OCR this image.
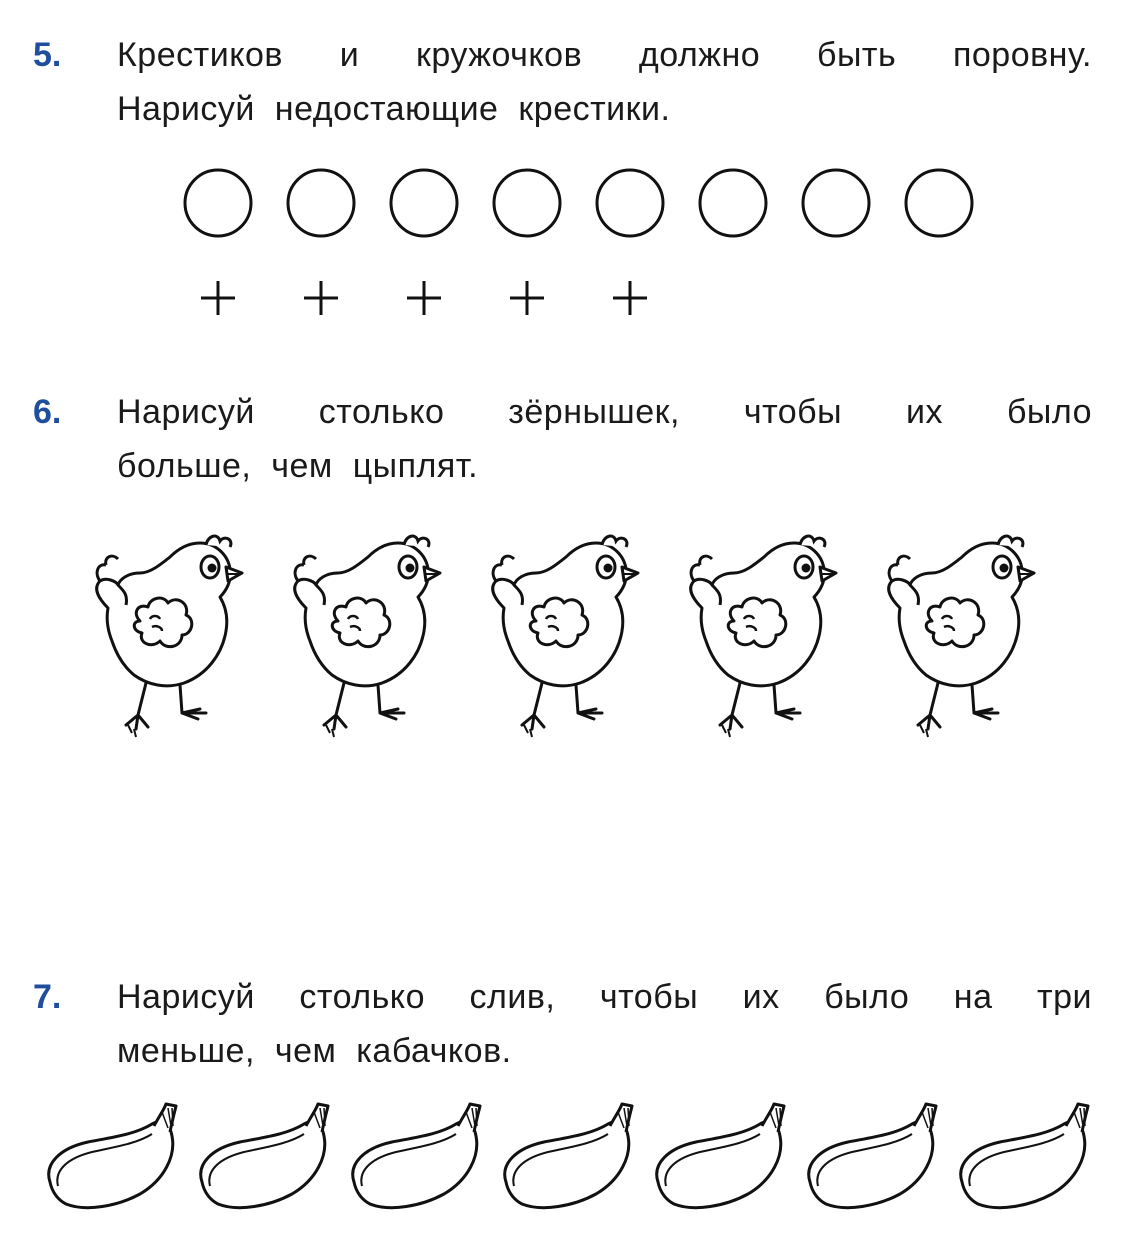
5. Крестиков и кружочков должно быть поровну.
Нарисуй недостающие крестики.
6. Нарисуй столько зёрнышек, чтобы их было
больше, чем цыплят.
7. Нарисуй столько слив, чтобы их было на три
меньше, чем кабачков.
